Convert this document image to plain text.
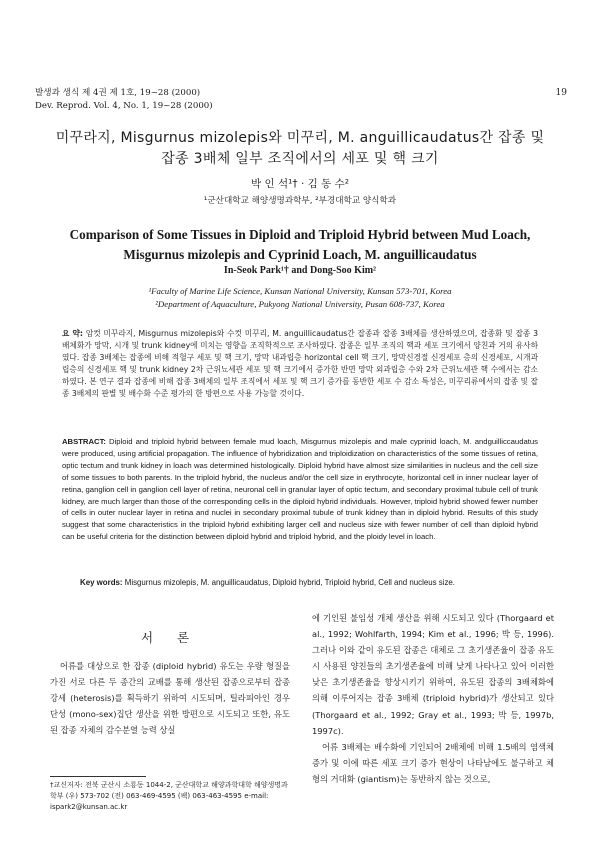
발생과 생식 제 4권 제 1호, 19~28 (2000)
Dev. Reprod. Vol. 4, No. 1, 19~28 (2000)
19
미꾸라지, Misgurnus mizolepis와 미꾸리, M. anguillicaudatus간 잡종 및
잡종 3배체 일부 조직에서의 세포 및 핵 크기
박 인 석¹† · 김 동 수²
¹군산대학교 해양생명과학부, ²부경대학교 양식학과
Comparison of Some Tissues in Diploid and Triploid Hybrid between Mud Loach,
Misgurnus mizolepis and Cyprinid Loach, M. anguillicaudatus
In-Seok Park¹† and Dong-Soo Kim²
¹Faculty of Marine Life Science, Kunsan National University, Kunsan 573-701, Korea
²Department of Aquaculture, Pukyong National University, Pusan 608-737, Korea
요 약: 암컷 미꾸라지, Misgurnus mizolepis와 수컷 미꾸리, M. anguillicaudatus간 잡종과 잡종 3배체를 생산하였으며, 잡종화 및 잡종 3배체화가 망막, 시개 및 trunk kidney에 미치는 영향을 조직학적으로 조사하였다. 잡종은 일부 조직의 핵과 세포 크기에서 양친과 거의 유사하였다. 잡종 3배체는 잡종에 비해 적혈구 세포 및 핵 크기, 망막 내과립층 horizontal cell 핵 크기, 망막신경절 신경세포 층의 신경세포, 시개과립층의 신경세포 핵 및 trunk kidney 2차 근위뇨세관 세포 및 핵 크기에서 증가한 반면 망막 외과립층 수와 2차 근위뇨세관 핵 수에서는 감소하였다. 본 연구 결과 잡종에 비해 잡종 3배체의 일부 조직에서 세포 및 핵 크기 증가를 동반한 세포 수 감소 특성은, 미꾸리류에서의 잡종 및 잡종 3배체의 판별 및 배수화 수준 평가의 한 방편으로 사용 가능할 것이다.
ABSTRACT: Diploid and triploid hybrid between female mud loach, Misgurnus mizolepis and male cyprinid loach, M. andguilliccaudatus were produced, using artificial propagation. The influence of hybridization and triploidization on characteristics of the some tissues of retina, optic tectum and trunk kidney in loach was determined histologically. Diploid hybrid have almost size similarities in nucleus and the cell size of some tissues to both parents. In the triploid hybrid, the nucleus and/or the cell size in erythrocyte, horizontal cell in inner nuclear layer of retina, ganglion cell in ganglion cell layer of retina, neuronal cell in granular layer of optic tectum, and secondary proximal tubule cell of trunk kidney, are much larger than those of the corresponding cells in the diploid hybrid individuals. However, triploid hybrid showed fewer number of cells in outer nuclear layer in retina and nuclei in secondary proximal tubule of trunk kidney than in diploid hybrid. Results of this study suggest that some characteristics in the triploid hybrid exhibiting larger cell and nucleus size with fewer number of cell than diploid hybrid can be useful criteria for the distinction between diploid hybrid and triploid hybrid, and the ploidy level in loach.
Key words: Misgurnus mizolepis, M. anguillicaudatus, Diploid hybrid, Triploid hybrid, Cell and nucleus size.
서 론
어류를 대상으로 한 잡종 (diploid hybrid) 유도는 우량 형질을 가진 서로 다른 두 종간의 교배를 통해 생산된 잡종으로부터 잡종강세 (heterosis)를 획득하기 위하여 시도되며, 틸라피아인 경우 단성 (mono-sex)집단 생산을 위한 방편으로 시도되고 또한, 유도된 잡종 자체의 감수분열 능력 상실

에 기인된 불임성 개체 생산을 위해 시도되고 있다 (Thorgaard et al., 1992; Wohlfarth, 1994; Kim et al., 1996; 박 등, 1996). 그러나 이와 같이 유도된 잡종은 대체로 그 초기생존율이 잡종 유도시 사용된 양친들의 초기생존율에 비해 낮게 나타나고 있어 이러한 낮은 초기생존율을 향상시키기 위하여, 유도된 잡종의 3배체화에 의해 이루어지는 잡종 3배체 (triploid hybrid)가 생산되고 있다 (Thorgaard et al., 1992; Gray et al., 1993; 박 등, 1997b, 1997c).

어류 3배체는 배수화에 기인되어 2배체에 비해 1.5배의 염색체 증가 및 이에 따른 세포 크기 증가 현상이 나타남에도 불구하고 체형의 거대화 (giantism)는 동반하지 않는 것으로,

†교신저자: 전북 군산시 소룡동 1044-2, 군산대학교 해양과학대학 해양생명과학부 (우) 573-702 (전) 063-469-4595 (팩) 063-463-4595 e-mail: ispark2@kunsan.ac.kr
